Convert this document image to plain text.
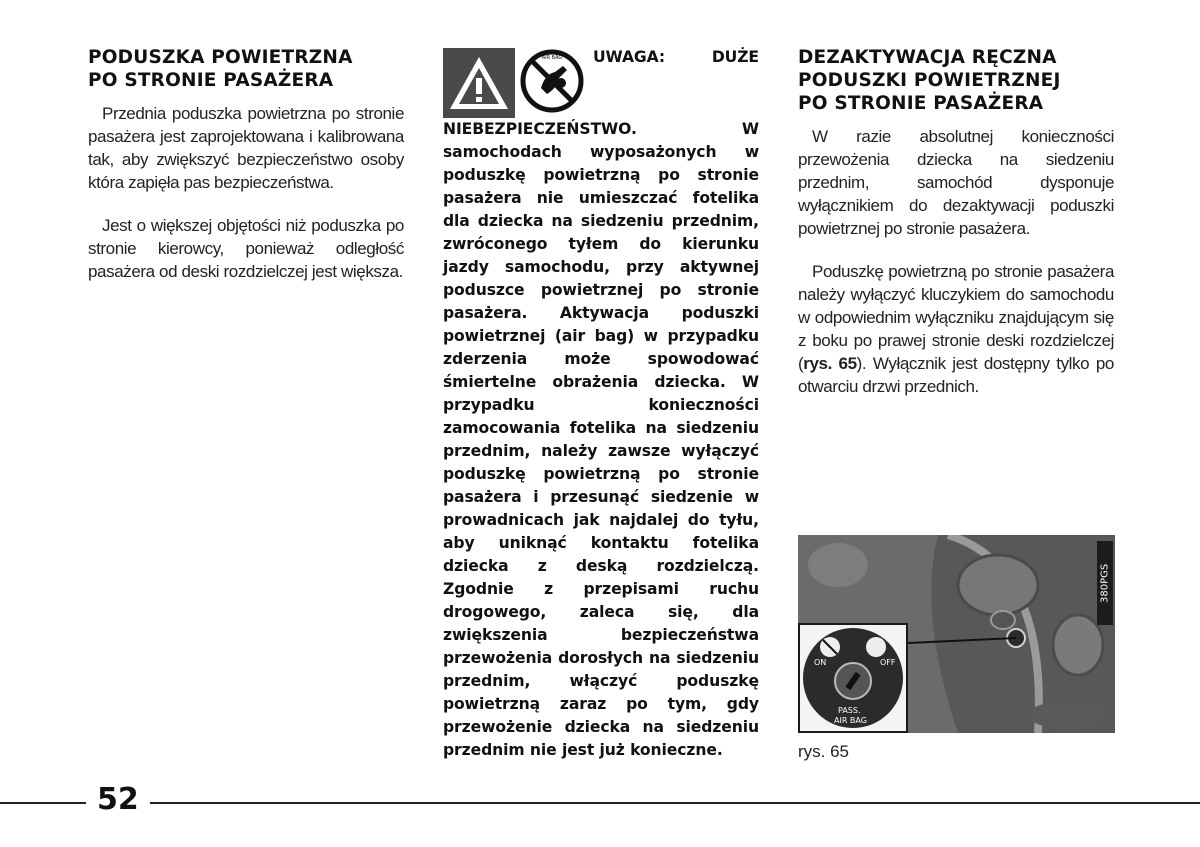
PODUSZKA POWIETRZNA
PO STRONIE PASAŻERA

Przednia poduszka powietrzna po stronie pasażera jest zaprojektowana i kalibrowana tak, aby zwiększyć bezpieczeństwo osoby która zapięła pas bezpieczeństwa.

Jest o większej objętości niż poduszka po stronie kierowcy, ponieważ odległość pasażera od deski rozdzielczej jest większa.

AIR BAG	UWAGA: DUŻE NIEBEZPIECZEŃSTWO. W samochodach wyposażonych w poduszkę powietrzną po stronie pasażera nie umieszczać fotelika dla dziecka na siedzeniu przednim, zwróconego tyłem do kierunku jazdy samochodu, przy aktywnej poduszce powietrznej po stronie pasażera. Aktywacja poduszki powietrznej (air bag) w przypadku zderzenia może spowodować śmiertelne obrażenia dziecka. W przypadku konieczności zamocowania fotelika na siedzeniu przednim, należy zawsze wyłączyć poduszkę powietrzną po stronie pasażera i przesunąć siedzenie w prowadnicach jak najdalej do tyłu, aby uniknąć kontaktu fotelika dziecka z deską rozdzielczą. Zgodnie z przepisami ruchu drogowego, zaleca się, dla zwiększenia bezpieczeństwa przewożenia dorosłych na siedzeniu przednim, włączyć poduszkę powietrzną zaraz po tym, gdy przewożenie dziecka na siedzeniu przednim nie jest już konieczne.

DEZAKTYWACJA RĘCZNA
PODUSZKI POWIETRZNEJ
PO STRONIE PASAŻERA

W razie absolutnej konieczności przewożenia dziecka na siedzeniu przednim, samochód dysponuje wyłącznikiem do dezaktywacji poduszki powietrznej po stronie pasażera.

Poduszkę powietrzną po stronie pasażera należy wyłączyć kluczykiem do samochodu w odpowiednim wyłączniku znajdującym się z boku po prawej stronie deski rozdzielczej (rys. 65). Wyłącznik jest dostępny tylko po otwarciu drzwi przednich.

380PGS
ON	OFF
PASS.
AIR BAG
rys. 65
52
